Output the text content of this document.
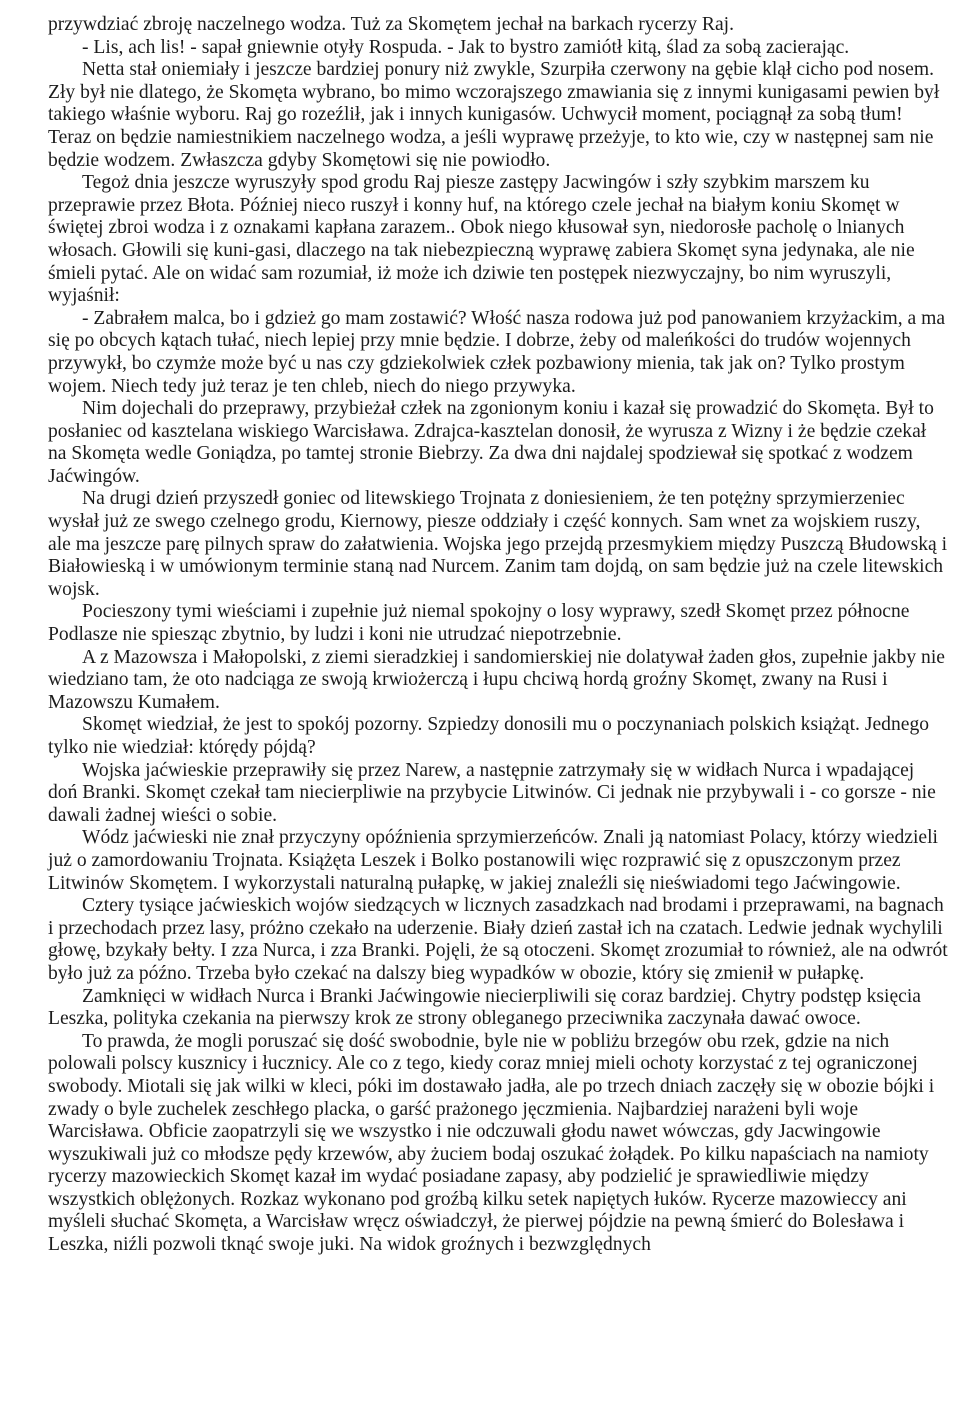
przywdziać zbroję naczelnego wodza. Tuż za Skomętem jechał na barkach rycerzy Raj.

- Lis, ach lis! - sapał gniewnie otyły Rospuda. - Jak to bystro zamiótł kitą, ślad za sobą zacierając.

Netta stał oniemiały i jeszcze bardziej ponury niż zwykle, Szurpiła czerwony na gębie klął cicho pod nosem. Zły był nie dlatego, że Skomęta wybrano, bo mimo wczorajszego zmawiania się z innymi kunigasami pewien był takiego właśnie wyboru. Raj go rozeźlił, jak i innych kunigasów. Uchwycił moment, pociągnął za sobą tłum! Teraz on będzie namiestnikiem naczelnego wodza, a jeśli wyprawę przeżyje, to kto wie, czy w następnej sam nie będzie wodzem. Zwłaszcza gdyby Skomętowi się nie powiodło.

Tegoż dnia jeszcze wyruszyły spod grodu Raj piesze zastępy Jacwingów i szły szybkim marszem ku przeprawie przez Błota. Później nieco ruszył i konny huf, na którego czele jechał na białym koniu Skomęt w świętej zbroi wodza i z oznakami kapłana zarazem.. Obok niego kłusował syn, niedorosłe pacholę o lnianych włosach. Głowili się kuni-gasi, dlaczego na tak niebezpieczną wyprawę zabiera Skomęt syna jedynaka, ale nie śmieli pytać. Ale on widać sam rozumiał, iż może ich dziwie ten postępek niezwyczajny, bo nim wyruszyli, wyjaśnił:

- Zabrałem malca, bo i gdzież go mam zostawić? Włość nasza rodowa już pod panowaniem krzyżackim, a ma się po obcych kątach tułać, niech lepiej przy mnie będzie. I dobrze, żeby od maleńkości do trudów wojennych przywykł, bo czymże może być u nas czy gdziekolwiek człek pozbawiony mienia, tak jak on? Tylko prostym wojem. Niech tedy już teraz je ten chleb, niech do niego przywyka.

Nim dojechali do przeprawy, przybieżał człek na zgonionym koniu i kazał się prowadzić do Skomęta. Był to posłaniec od kasztelana wiskiego Warcisława. Zdrajca-kasztelan donosił, że wyrusza z Wizny i że będzie czekał na Skomęta wedle Goniądza, po tamtej stronie Biebrzy. Za dwa dni najdalej spodziewał się spotkać z wodzem Jaćwingów.

Na drugi dzień przyszedł goniec od litewskiego Trojnata z doniesieniem, że ten potężny sprzymierzeniec wysłał już ze swego czelnego grodu, Kiernowy, piesze oddziały i część konnych. Sam wnet za wojskiem ruszy, ale ma jeszcze parę pilnych spraw do załatwienia. Wojska jego przejdą przesmykiem między Puszczą Błudowską i Białowieską i w umówionym terminie staną nad Nurcem. Zanim tam dojdą, on sam będzie już na czele litewskich wojsk.

Pocieszony tymi wieściami i zupełnie już niemal spokojny o losy wyprawy, szedł Skomęt przez północne Podlasze nie spiesząc zbytnio, by ludzi i koni nie utrudzać niepotrzebnie.

A z Mazowsza i Małopolski, z ziemi sieradzkiej i sandomierskiej nie dolatywał żaden głos, zupełnie jakby nie wiedziano tam, że oto nadciąga ze swoją krwiożerczą i łupu chciwą hordą groźny Skomęt, zwany na Rusi i Mazowszu Kumałem.

Skomęt wiedział, że jest to spokój pozorny. Szpiedzy donosili mu o poczynaniach polskich książąt. Jednego tylko nie wiedział: którędy pójdą?

Wojska jaćwieskie przeprawiły się przez Narew, a następnie zatrzymały się w widłach Nurca i wpadającej doń Branki. Skomęt czekał tam niecierpliwie na przybycie Litwinów. Ci jednak nie przybywali i - co gorsze - nie dawali żadnej wieści o sobie.

Wódz jaćwieski nie znał przyczyny opóźnienia sprzymierzeńców. Znali ją natomiast Polacy, którzy wiedzieli już o zamordowaniu Trojnata. Książęta Leszek i Bolko postanowili więc rozprawić się z opuszczonym przez Litwinów Skomętem. I wykorzystali naturalną pułapkę, w jakiej znaleźli się nieświadomi tego Jaćwingowie.

Cztery tysiące jaćwieskich wojów siedzących w licznych zasadzkach nad brodami i przeprawami, na bagnach i przechodach przez lasy, próżno czekało na uderzenie. Biały dzień zastał ich na czatach. Ledwie jednak wychylili głowę, bzykały bełty. I zza Nurca, i zza Branki. Pojęli, że są otoczeni. Skomęt zrozumiał to również, ale na odwrót było już za późno. Trzeba było czekać na dalszy bieg wypadków w obozie, który się zmienił w pułapkę.

Zamknięci w widłach Nurca i Branki Jaćwingowie niecierpliwili się coraz bardziej. Chytry podstęp księcia Leszka, polityka czekania na pierwszy krok ze strony obleganego przeciwnika zaczynała dawać owoce.

To prawda, że mogli poruszać się dość swobodnie, byle nie w pobliżu brzegów obu rzek, gdzie na nich polowali polscy kusznicy i łucznicy. Ale co z tego, kiedy coraz mniej mieli ochoty korzystać z tej ograniczonej swobody. Miotali się jak wilki w kleci, póki im dostawało jadła, ale po trzech dniach zaczęły się w obozie bójki i zwady o byle zuchelek zeschłego placka, o garść prażonego jęczmienia. Najbardziej narażeni byli woje Warcisława. Obficie zaopatrzyli się we wszystko i nie odczuwali głodu nawet wówczas, gdy Jacwingowie wyszukiwali już co młodsze pędy krzewów, aby żuciem bodaj oszukać żołądek. Po kilku napaściach na namioty rycerzy mazowieckich Skomęt kazał im wydać posiadane zapasy, aby podzielić je sprawiedliwie między wszystkich oblężonych. Rozkaz wykonano pod groźbą kilku setek napiętych łuków. Rycerze mazowieccy ani myśleli słuchać Skomęta, a Warcisław wręcz oświadczył, że pierwej pójdzie na pewną śmierć do Bolesława i Leszka, niźli pozwoli tknąć swoje juki. Na widok groźnych i bezwzględnych
